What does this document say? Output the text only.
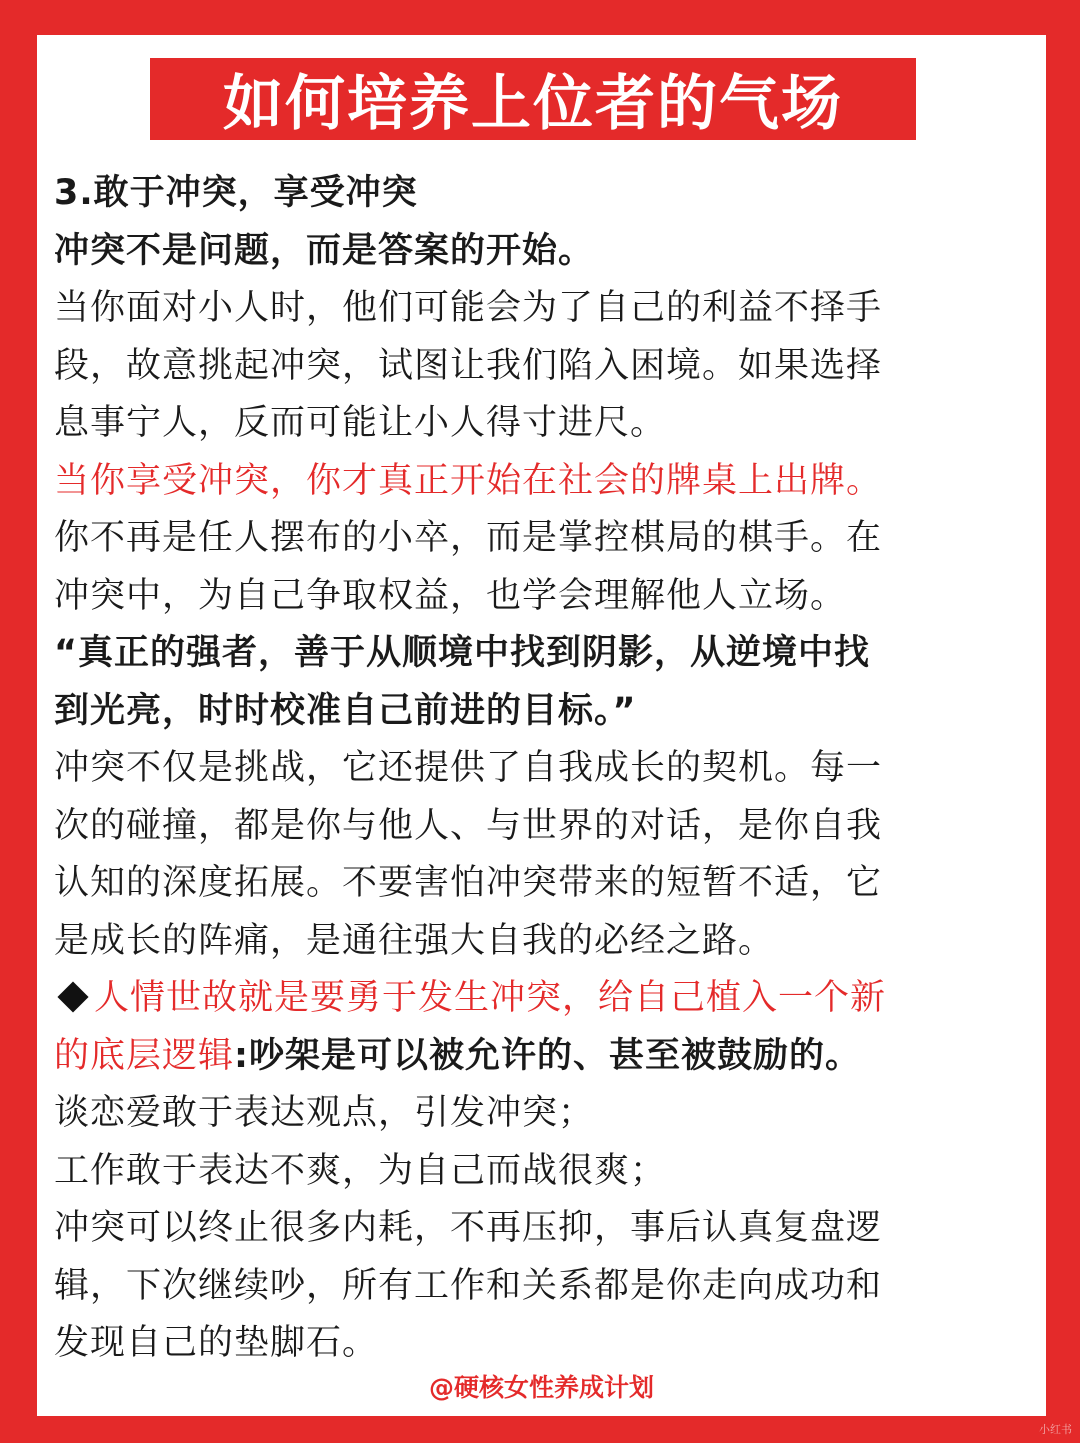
如何培养上位者的气场
3.敢于冲突，享受冲突
冲突不是问题，而是答案的开始。
当你面对小人时，他们可能会为了自己的利益不择手
段，故意挑起冲突，试图让我们陷入困境。如果选择
息事宁人，反而可能让小人得寸进尺。
当你享受冲突，你才真正开始在社会的牌桌上出牌。
你不再是任人摆布的小卒，而是掌控棋局的棋手。在
冲突中，为自己争取权益，也学会理解他人立场。
“真正的强者，善于从顺境中找到阴影，从逆境中找
到光亮，时时校准自己前进的目标。”
冲突不仅是挑战，它还提供了自我成长的契机。每一
次的碰撞，都是你与他人、与世界的对话，是你自我
认知的深度拓展。不要害怕冲突带来的短暂不适，它
是成长的阵痛，是通往强大自我的必经之路。
人情世故就是要勇于发生冲突，给自己植入一个新
的底层逻辑:吵架是可以被允许的、甚至被鼓励的。
谈恋爱敢于表达观点，引发冲突；
工作敢于表达不爽，为自己而战很爽；
冲突可以终止很多内耗，不再压抑，事后认真复盘逻
辑，下次继续吵，所有工作和关系都是你走向成功和
发现自己的垫脚石。
@硬核女性养成计划
小红书
